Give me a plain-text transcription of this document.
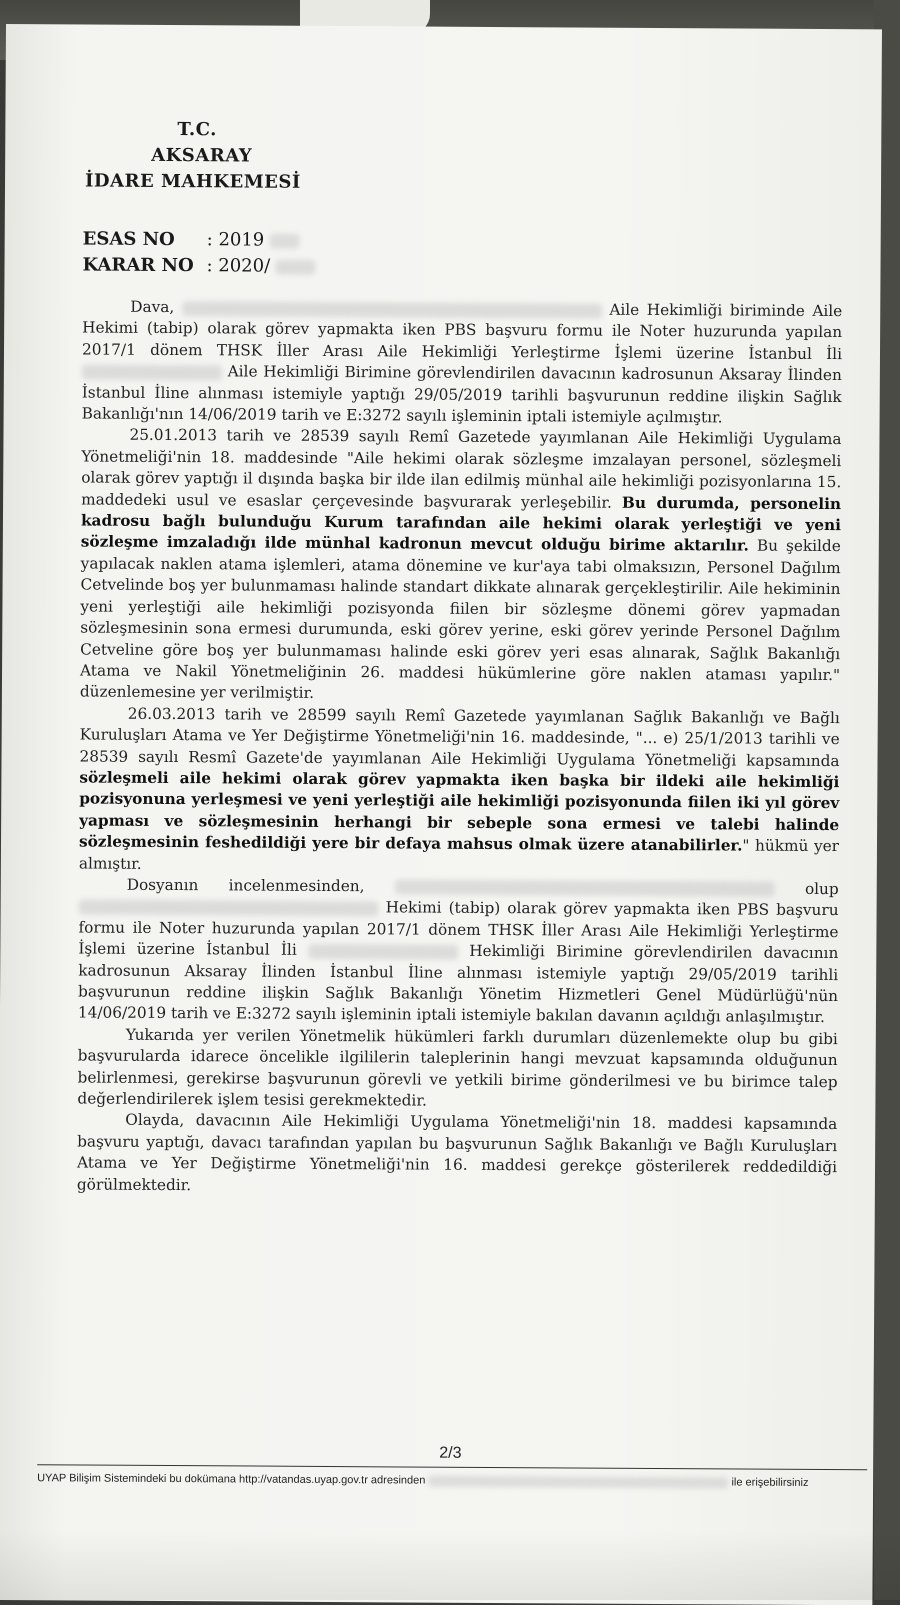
T.C.
AKSARAY
İDARE MAHKEMESİ
ESAS NO : 2019
KARAR NO : 2020/

Dava,	Aile Hekimliği biriminde Aile Hekimi (tabip) olarak görev yapmakta iken PBS başvuru formu ile Noter huzurunda yapılan 2017/1 dönem THSK İller Arası Aile Hekimliği Yerleştirme İşlemi üzerine İstanbul İli  Aile Hekimliği Birimine görevlendirilen davacının kadrosunun Aksaray İlinden İstanbul İline alınması istemiyle yaptığı 29/05/2019 tarihli başvurunun reddine ilişkin Sağlık Bakanlığı'nın 14/06/2019 tarih ve E:3272 sayılı işleminin iptali istemiyle açılmıştır.

25.01.2013 tarih ve 28539 sayılı Remî Gazetede yayımlanan Aile Hekimliği Uygulama Yönetmeliği'nin 18. maddesinde "Aile hekimi olarak sözleşme imzalayan personel, sözleşmeli olarak görev yaptığı il dışında başka bir ilde ilan edilmiş münhal aile hekimliği pozisyonlarına 15. maddedeki usul ve esaslar çerçevesinde başvurarak yerleşebilir. Bu durumda, personelin kadrosu bağlı bulunduğu Kurum tarafından aile hekimi olarak yerleştiği ve yeni sözleşme imzaladığı ilde münhal kadronun mevcut olduğu birime aktarılır. Bu şekilde yapılacak naklen atama işlemleri, atama dönemine ve kur'aya tabi olmaksızın, Personel Dağılım Cetvelinde boş yer bulunmaması halinde standart dikkate alınarak gerçekleştirilir. Aile hekiminin yeni yerleştiği aile hekimliği pozisyonda fiilen bir sözleşme dönemi görev yapmadan sözleşmesinin sona ermesi durumunda, eski görev yerine, eski görev yerinde Personel Dağılım Cetveline göre boş yer bulunmaması halinde eski görev yeri esas alınarak, Sağlık Bakanlığı Atama ve Nakil Yönetmeliğinin 26. maddesi hükümlerine göre naklen ataması yapılır." düzenlemesine yer verilmiştir.

26.03.2013 tarih ve 28599 sayılı Remî Gazetede yayımlanan Sağlık Bakanlığı ve Bağlı Kuruluşları Atama ve Yer Değiştirme Yönetmeliği'nin 16. maddesinde, "... e) 25/1/2013 tarihli ve 28539 sayılı Resmî Gazete'de yayımlanan Aile Hekimliği Uygulama Yönetmeliği kapsamında sözleşmeli aile hekimi olarak görev yapmakta iken başka bir ildeki aile hekimliği pozisyonuna yerleşmesi ve yeni yerleştiği aile hekimliği pozisyonunda fiilen iki yıl görev yapması ve sözleşmesinin herhangi bir sebeple sona ermesi ve talebi halinde sözleşmesinin feshedildiği yere bir defaya mahsus olmak üzere atanabilirler." hükmü yer almıştır.

Dosyanın incelenmesinden,	olup  Hekimi (tabip) olarak görev yapmakta iken PBS başvuru formu ile Noter huzurunda yapılan 2017/1 dönem THSK İller Arası Aile Hekimliği Yerleştirme İşlemi üzerine İstanbul İli	Hekimliği Birimine görevlendirilen davacının kadrosunun Aksaray İlinden İstanbul İline alınması istemiyle yaptığı 29/05/2019 tarihli başvurunun reddine ilişkin Sağlık Bakanlığı Yönetim Hizmetleri Genel Müdürlüğü'nün 14/06/2019 tarih ve E:3272 sayılı işleminin iptali istemiyle bakılan davanın açıldığı anlaşılmıştır.

Yukarıda yer verilen Yönetmelik hükümleri farklı durumları düzenlemekte olup bu gibi başvurularda idarece öncelikle ilgililerin taleplerinin hangi mevzuat kapsamında olduğunun belirlenmesi, gerekirse başvurunun görevli ve yetkili birime gönderilmesi ve bu birimce talep değerlendirilerek işlem tesisi gerekmektedir.

Olayda, davacının Aile Hekimliği Uygulama Yönetmeliği'nin 18. maddesi kapsamında başvuru yaptığı, davacı tarafından yapılan bu başvurunun Sağlık Bakanlığı ve Bağlı Kuruluşları Atama ve Yer Değiştirme Yönetmeliği'nin 16. maddesi gerekçe gösterilerek reddedildiği görülmektedir.

2/3
UYAP Bilişim Sistemindeki bu dokümana http://vatandas.uyap.gov.tr adresinden	ile erişebilirsiniz
